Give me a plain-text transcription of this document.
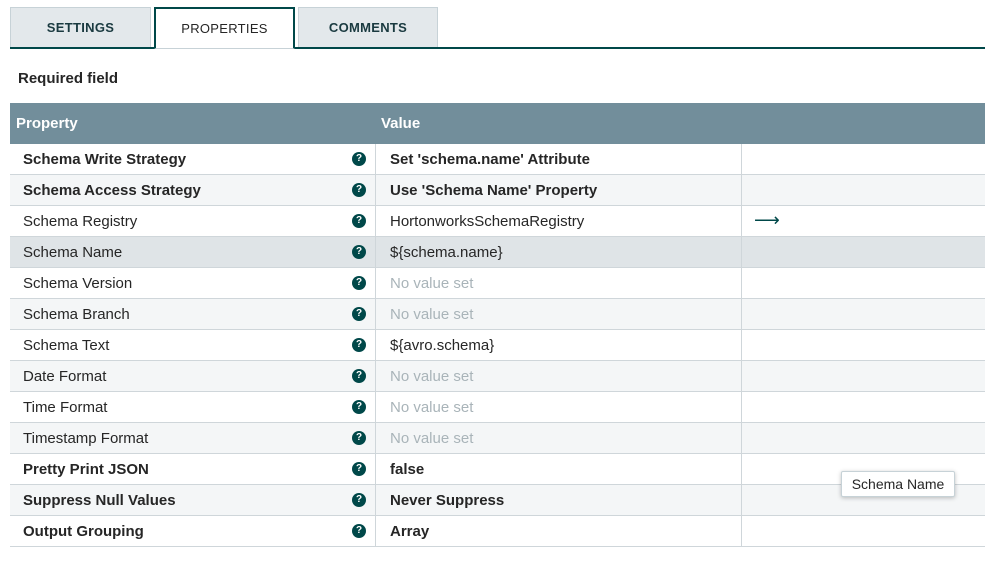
SETTINGS	PROPERTIES	COMMENTS
Required field
Property	Value
Schema Write Strategy	? Set 'schema.name' Attribute
Schema Access Strategy	? Use 'Schema Name' Property
Schema Registry	? HortonworksSchemaRegistry	⟶
Schema Name	? ${schema.name}
Schema Version	? No value set
Schema Branch	? No value set
Schema Text	? ${avro.schema}
Date Format	? No value set
Time Format	? No value set
Timestamp Format	? No value set
Pretty Print JSON	? false
Suppress Null Values	? Never Suppress
Output Grouping	? Array
Schema Name
